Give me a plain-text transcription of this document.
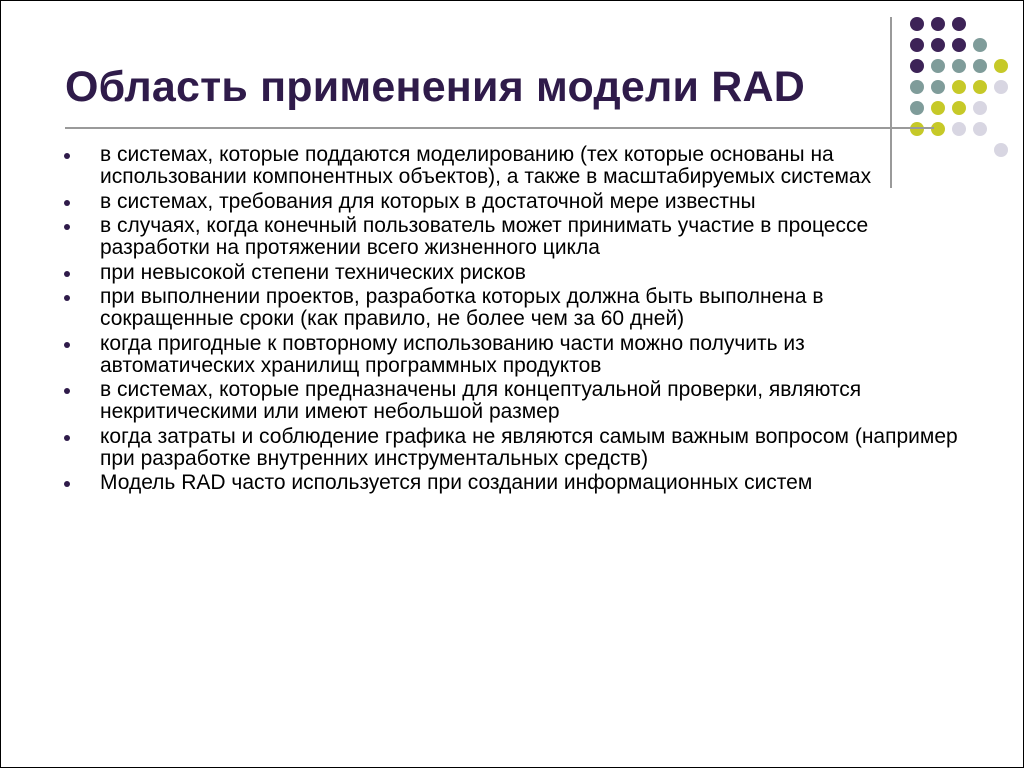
Область применения модели RAD
в системах, которые поддаются моделированию (тех которые основаны на использовании компонентных объектов), а также в масштабируемых системах
в системах, требования для которых в достаточной мере известны
в случаях, когда конечный пользователь может принимать участие в процессе разработки на протяжении всего жизненного цикла
при невысокой степени технических рисков
при выполнении проектов, разработка которых должна быть выполнена в сокращенные сроки (как правило, не более чем за 60 дней)
когда пригодные к повторному использованию части можно получить из автоматических хранилищ программных продуктов
в системах, которые предназначены для концептуальной проверки, являются некритическими или имеют небольшой размер
когда затраты и соблюдение графика не являются самым важным вопросом (например при разработке внутренних инструментальных средств)
Модель RAD часто используется при создании информационных систем
